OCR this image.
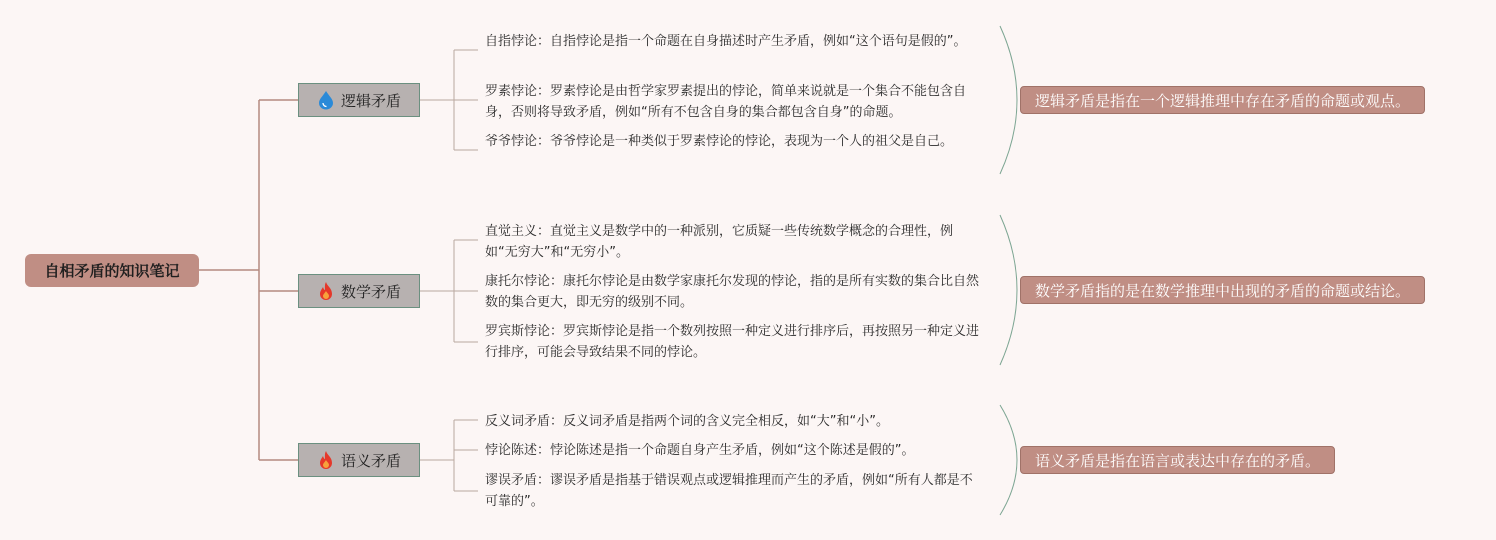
自相矛盾的知识笔记
逻辑矛盾
数学矛盾
语义矛盾
自指悖论：自指悖论是指一个命题在自身描述时产生矛盾，例如“这个语句是假的”。
罗素悖论：罗素悖论是由哲学家罗素提出的悖论，简单来说就是一个集合不能包含自身，否则将导致矛盾，例如“所有不包含自身的集合都包含自身”的命题。
爷爷悖论：爷爷悖论是一种类似于罗素悖论的悖论，表现为一个人的祖父是自己。
直觉主义：直觉主义是数学中的一种派别，它质疑一些传统数学概念的合理性，例如“无穷大”和“无穷小”。
康托尔悖论：康托尔悖论是由数学家康托尔发现的悖论，指的是所有实数的集合比自然数的集合更大，即无穷的级别不同。
罗宾斯悖论：罗宾斯悖论是指一个数列按照一种定义进行排序后，再按照另一种定义进行排序，可能会导致结果不同的悖论。
反义词矛盾：反义词矛盾是指两个词的含义完全相反，如“大”和“小”。
悖论陈述：悖论陈述是指一个命题自身产生矛盾，例如“这个陈述是假的”。
谬误矛盾：谬误矛盾是指基于错误观点或逻辑推理而产生的矛盾，例如“所有人都是不可靠的”。
逻辑矛盾是指在一个逻辑推理中存在矛盾的命题或观点。
数学矛盾指的是在数学推理中出现的矛盾的命题或结论。
语义矛盾是指在语言或表达中存在的矛盾。
